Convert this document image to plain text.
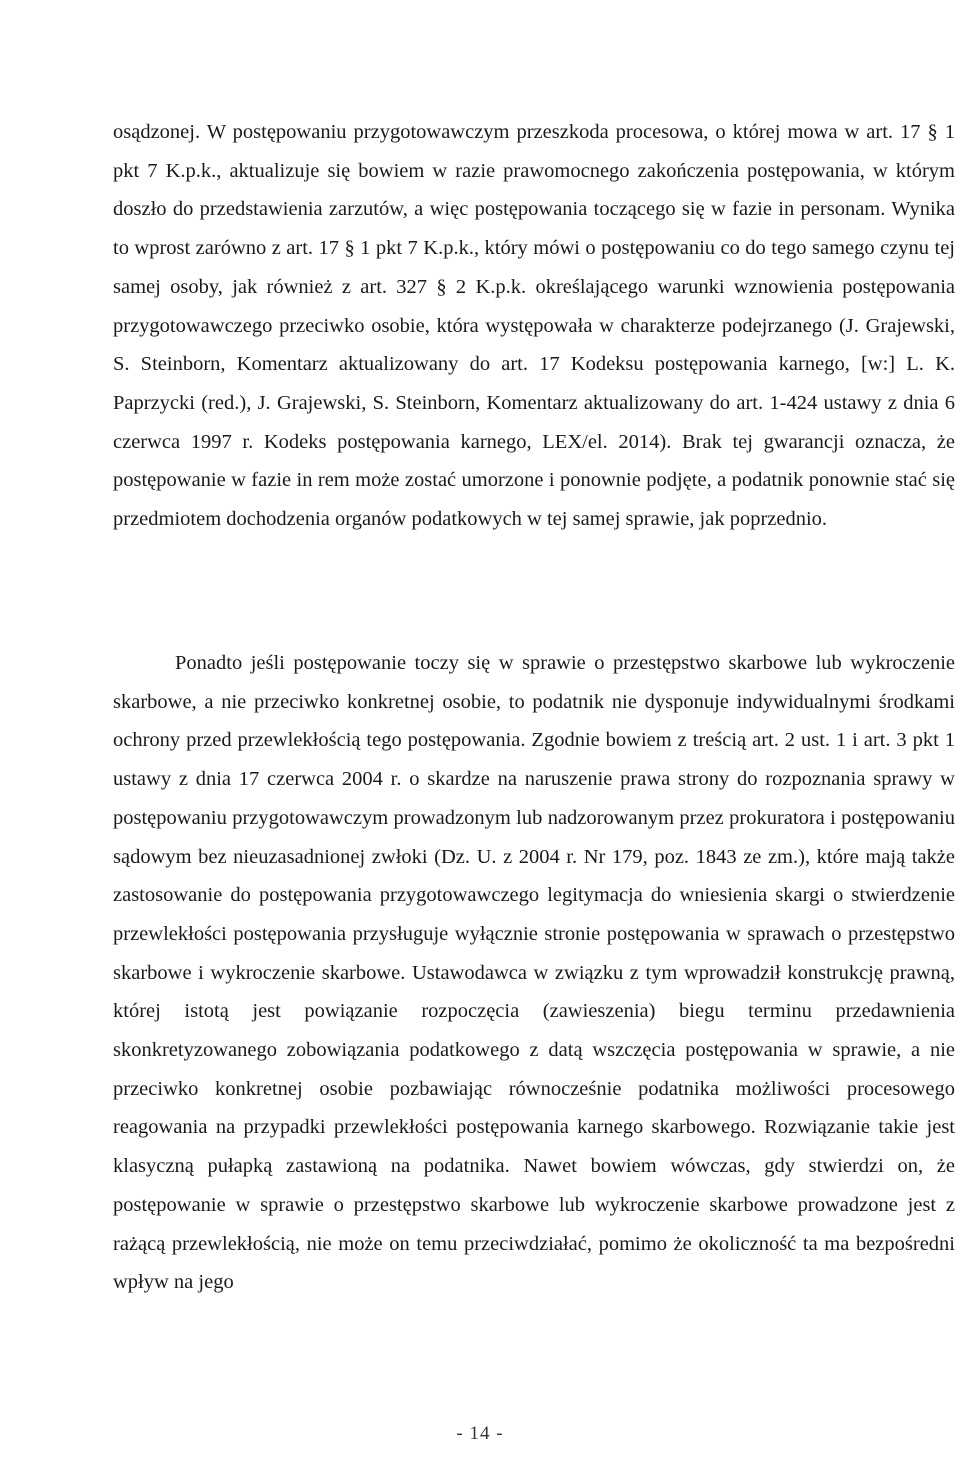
osądzonej. W postępowaniu przygotowawczym przeszkoda procesowa, o której mowa w art. 17 § 1 pkt 7 K.p.k., aktualizuje się bowiem w razie prawomocnego zakończenia postępowania, w którym doszło do przedstawienia zarzutów, a więc postępowania toczącego się w fazie in personam. Wynika to wprost zarówno z art. 17 § 1 pkt 7 K.p.k., który mówi o postępowaniu co do tego samego czynu tej samej osoby, jak również z art. 327 § 2 K.p.k. określającego warunki wznowienia postępowania przygotowawczego przeciwko osobie, która występowała w charakterze podejrzanego (J. Grajewski, S. Steinborn, Komentarz aktualizowany do art. 17 Kodeksu postępowania karnego, [w:] L. K. Paprzycki (red.), J. Grajewski, S. Steinborn, Komentarz aktualizowany do art. 1-424 ustawy z dnia 6 czerwca 1997 r. Kodeks postępowania karnego, LEX/el. 2014). Brak tej gwarancji oznacza, że postępowanie w fazie in rem może zostać umorzone i ponownie podjęte, a podatnik ponownie stać się przedmiotem dochodzenia organów podatkowych w tej samej sprawie, jak poprzednio.

Ponadto jeśli postępowanie toczy się w sprawie o przestępstwo skarbowe lub wykroczenie skarbowe, a nie przeciwko konkretnej osobie, to podatnik nie dysponuje indywidualnymi środkami ochrony przed przewlekłością tego postępowania. Zgodnie bowiem z treścią art. 2 ust. 1 i art. 3 pkt 1 ustawy z dnia 17 czerwca 2004 r. o skardze na naruszenie prawa strony do rozpoznania sprawy w postępowaniu przygotowawczym prowadzonym lub nadzorowanym przez prokuratora i postępowaniu sądowym bez nieuzasadnionej zwłoki (Dz. U. z 2004 r. Nr 179, poz. 1843 ze zm.), które mają także zastosowanie do postępowania przygotowawczego legitymacja do wniesienia skargi o stwierdzenie przewlekłości postępowania przysługuje wyłącznie stronie postępowania w sprawach o przestępstwo skarbowe i wykroczenie skarbowe. Ustawodawca w związku z tym wprowadził konstrukcję prawną, której istotą jest powiązanie rozpoczęcia (zawieszenia) biegu terminu przedawnienia skonkretyzowanego zobowiązania podatkowego z datą wszczęcia postępowania w sprawie, a nie przeciwko konkretnej osobie pozbawiając równocześnie podatnika możliwości procesowego reagowania na przypadki przewlekłości postępowania karnego skarbowego. Rozwiązanie takie jest klasyczną pułapką zastawioną na podatnika. Nawet bowiem wówczas, gdy stwierdzi on, że postępowanie w sprawie o przestępstwo skarbowe lub wykroczenie skarbowe prowadzone jest z rażącą przewlekłością, nie może on temu przeciwdziałać, pomimo że okoliczność ta ma bezpośredni wpływ na jego

- 14 -
